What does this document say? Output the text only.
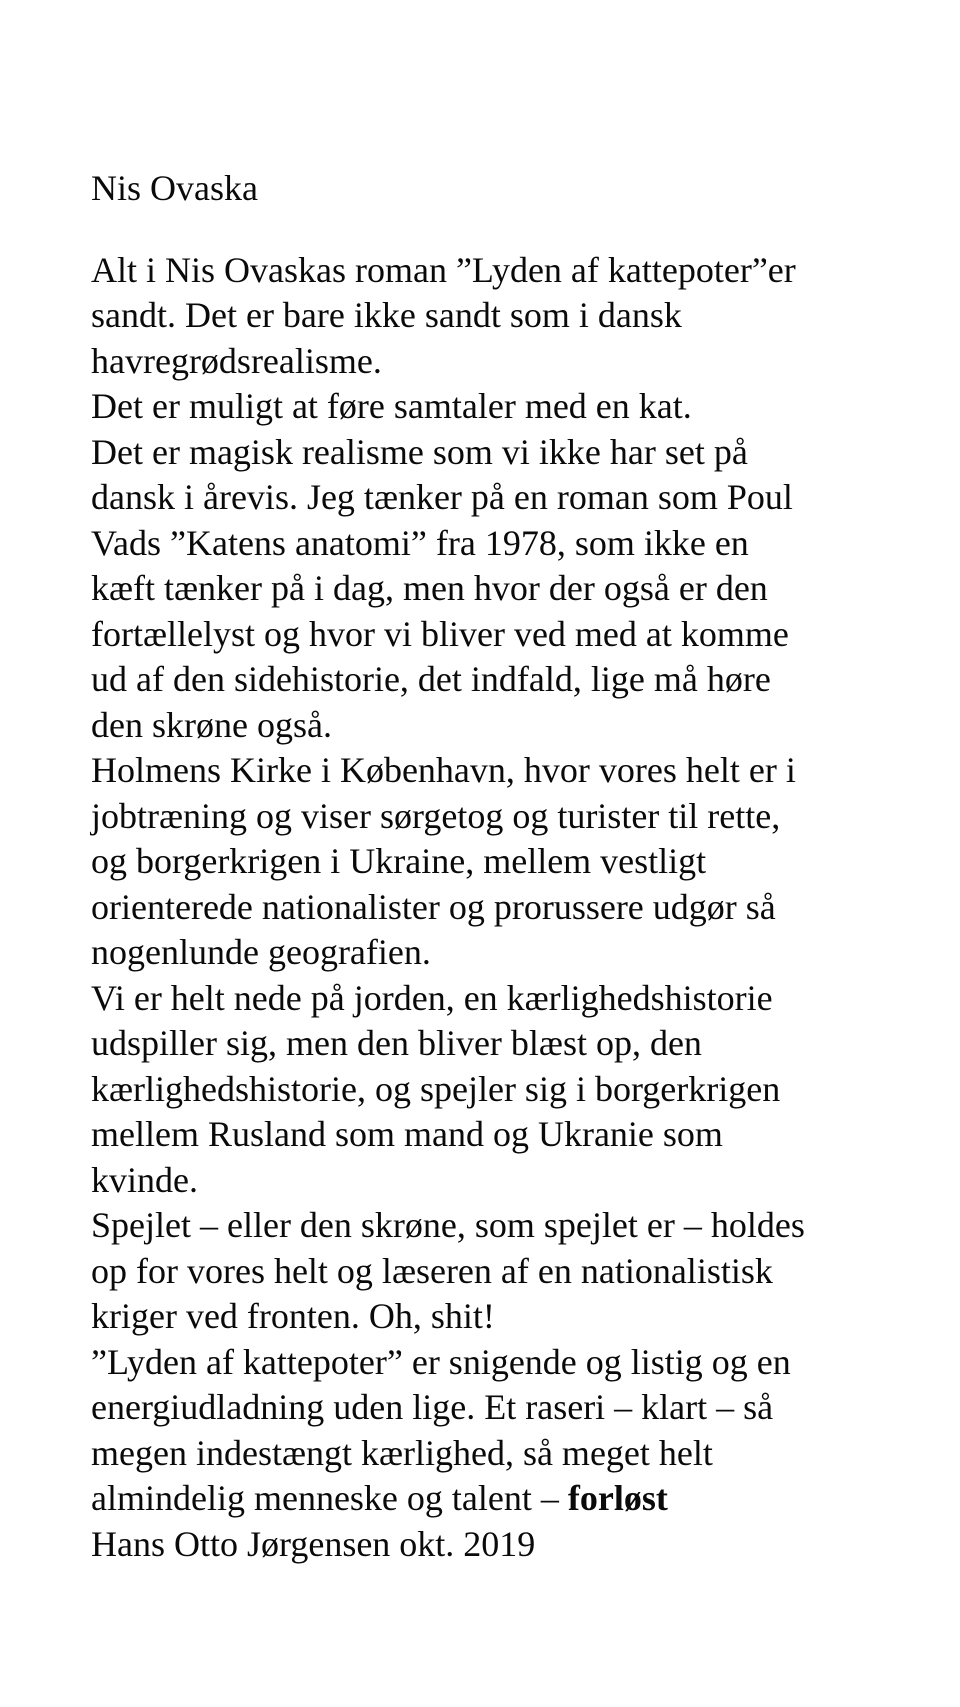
Nis Ovaska
Alt i Nis Ovaskas roman ”Lyden af kattepoter”er
sandt. Det er bare ikke sandt som i dansk
havregrødsrealisme.
Det er muligt at føre samtaler med en kat.
Det er magisk realisme som vi ikke har set på
dansk i årevis. Jeg tænker på en roman som Poul
Vads ”Katens anatomi” fra 1978, som ikke en
kæft tænker på i dag, men hvor der også er den
fortællelyst og hvor vi bliver ved med at komme
ud af den sidehistorie, det indfald, lige må høre
den skrøne også.
Holmens Kirke i København, hvor vores helt er i
jobtræning og viser sørgetog og turister til rette,
og borgerkrigen i Ukraine, mellem vestligt
orienterede nationalister og prorussere udgør så
nogenlunde geografien.
Vi er helt nede på jorden, en kærlighedshistorie
udspiller sig, men den bliver blæst op, den
kærlighedshistorie, og spejler sig i borgerkrigen
mellem Rusland som mand og Ukranie som
kvinde.
Spejlet – eller den skrøne, som spejlet er – holdes
op for vores helt og læseren af en nationalistisk
kriger ved fronten. Oh, shit!
”Lyden af kattepoter” er snigende og listig og en
energiudladning uden lige. Et raseri – klart – så
megen indestængt kærlighed, så meget helt
almindelig menneske og talent – forløst
Hans Otto Jørgensen okt. 2019
